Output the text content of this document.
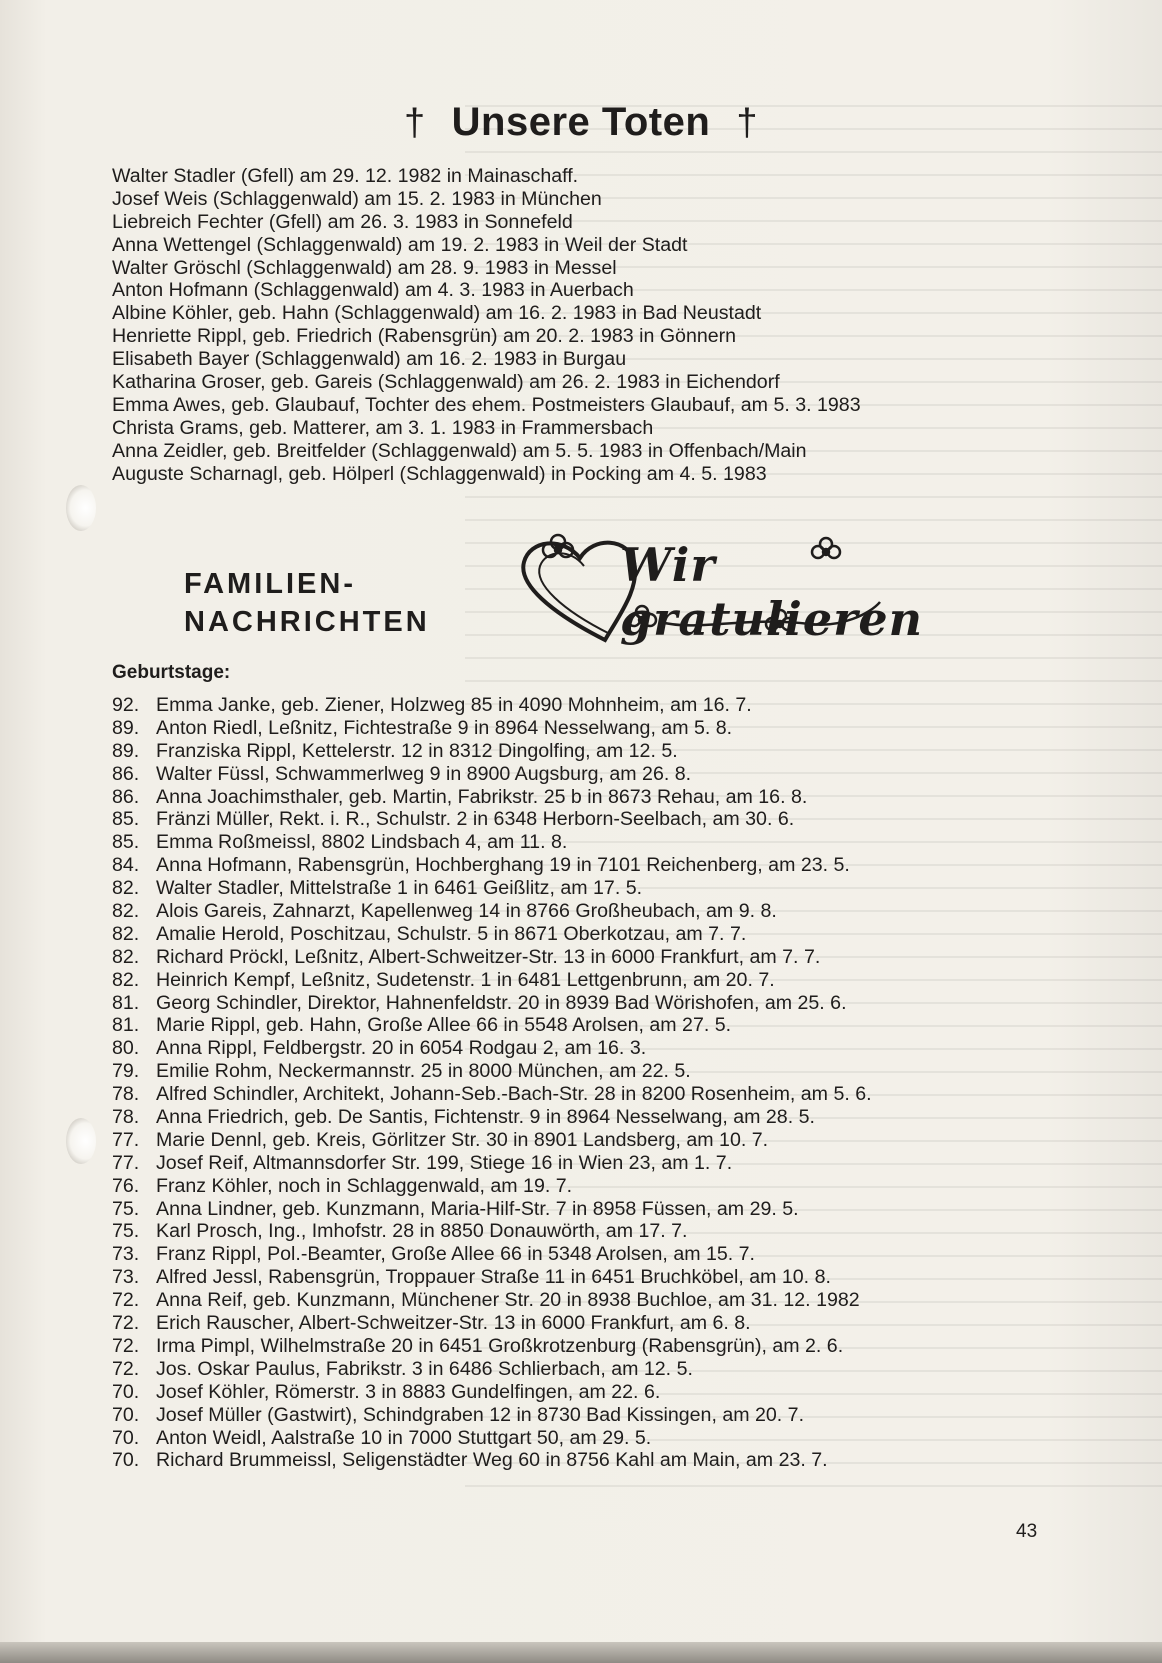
† Unsere Toten †
Walter Stadler (Gfell) am 29. 12. 1982 in Mainaschaff.
Josef Weis (Schlaggenwald) am 15. 2. 1983 in München
Liebreich Fechter (Gfell) am 26. 3. 1983 in Sonnefeld
Anna Wettengel (Schlaggenwald) am 19. 2. 1983 in Weil der Stadt
Walter Gröschl (Schlaggenwald) am 28. 9. 1983 in Messel
Anton Hofmann (Schlaggenwald) am 4. 3. 1983 in Auerbach
Albine Köhler, geb. Hahn (Schlaggenwald) am 16. 2. 1983 in Bad Neustadt
Henriette Rippl, geb. Friedrich (Rabensgrün) am 20. 2. 1983 in Gönnern
Elisabeth Bayer (Schlaggenwald) am 16. 2. 1983 in Burgau
Katharina Groser, geb. Gareis (Schlaggenwald) am 26. 2. 1983 in Eichendorf
Emma Awes, geb. Glaubauf, Tochter des ehem. Postmeisters Glaubauf, am 5. 3. 1983
Christa Grams, geb. Matterer, am 3. 1. 1983 in Frammersbach
Anna Zeidler, geb. Breitfelder (Schlaggenwald) am 5. 5. 1983 in Offenbach/Main
Auguste Scharnagl, geb. Hölperl (Schlaggenwald) in Pocking am 4. 5. 1983
FAMILIEN-
NACHRICHTEN
Wir gratulieren
Geburtstage:
92. Emma Janke, geb. Ziener, Holzweg 85 in 4090 Mohnheim, am 16. 7.
89. Anton Riedl, Leßnitz, Fichtestraße 9 in 8964 Nesselwang, am 5. 8.
89. Franziska Rippl, Kettelerstr. 12 in 8312 Dingolfing, am 12. 5.
86. Walter Füssl, Schwammerlweg 9 in 8900 Augsburg, am 26. 8.
86. Anna Joachimsthaler, geb. Martin, Fabrikstr. 25 b in 8673 Rehau, am 16. 8.
85. Fränzi Müller, Rekt. i. R., Schulstr. 2 in 6348 Herborn-Seelbach, am 30. 6.
85. Emma Roßmeissl, 8802 Lindsbach 4, am 11. 8.
84. Anna Hofmann, Rabensgrün, Hochberghang 19 in 7101 Reichenberg, am 23. 5.
82. Walter Stadler, Mittelstraße 1 in 6461 Geißlitz, am 17. 5.
82. Alois Gareis, Zahnarzt, Kapellenweg 14 in 8766 Großheubach, am 9. 8.
82. Amalie Herold, Poschitzau, Schulstr. 5 in 8671 Oberkotzau, am 7. 7.
82. Richard Pröckl, Leßnitz, Albert-Schweitzer-Str. 13 in 6000 Frankfurt, am 7. 7.
82. Heinrich Kempf, Leßnitz, Sudetenstr. 1 in 6481 Lettgenbrunn, am 20. 7.
81. Georg Schindler, Direktor, Hahnenfeldstr. 20 in 8939 Bad Wörishofen, am 25. 6.
81. Marie Rippl, geb. Hahn, Große Allee 66 in 5548 Arolsen, am 27. 5.
80. Anna Rippl, Feldbergstr. 20 in 6054 Rodgau 2, am 16. 3.
79. Emilie Rohm, Neckermannstr. 25 in 8000 München, am 22. 5.
78. Alfred Schindler, Architekt, Johann-Seb.-Bach-Str. 28 in 8200 Rosenheim, am 5. 6.
78. Anna Friedrich, geb. De Santis, Fichtenstr. 9 in 8964 Nesselwang, am 28. 5.
77. Marie Dennl, geb. Kreis, Görlitzer Str. 30 in 8901 Landsberg, am 10. 7.
77. Josef Reif, Altmannsdorfer Str. 199, Stiege 16 in Wien 23, am 1. 7.
76. Franz Köhler, noch in Schlaggenwald, am 19. 7.
75. Anna Lindner, geb. Kunzmann, Maria-Hilf-Str. 7 in 8958 Füssen, am 29. 5.
75. Karl Prosch, Ing., Imhofstr. 28 in 8850 Donauwörth, am 17. 7.
73. Franz Rippl, Pol.-Beamter, Große Allee 66 in 5348 Arolsen, am 15. 7.
73. Alfred Jessl, Rabensgrün, Troppauer Straße 11 in 6451 Bruchköbel, am 10. 8.
72. Anna Reif, geb. Kunzmann, Münchener Str. 20 in 8938 Buchloe, am 31. 12. 1982
72. Erich Rauscher, Albert-Schweitzer-Str. 13 in 6000 Frankfurt, am 6. 8.
72. Irma Pimpl, Wilhelmstraße 20 in 6451 Großkrotzenburg (Rabensgrün), am 2. 6.
72. Jos. Oskar Paulus, Fabrikstr. 3 in 6486 Schlierbach, am 12. 5.
70. Josef Köhler, Römerstr. 3 in 8883 Gundelfingen, am 22. 6.
70. Josef Müller (Gastwirt), Schindgraben 12 in 8730 Bad Kissingen, am 20. 7.
70. Anton Weidl, Aalstraße 10 in 7000 Stuttgart 50, am 29. 5.
70. Richard Brummeissl, Seligenstädter Weg 60 in 8756 Kahl am Main, am 23. 7.
43
